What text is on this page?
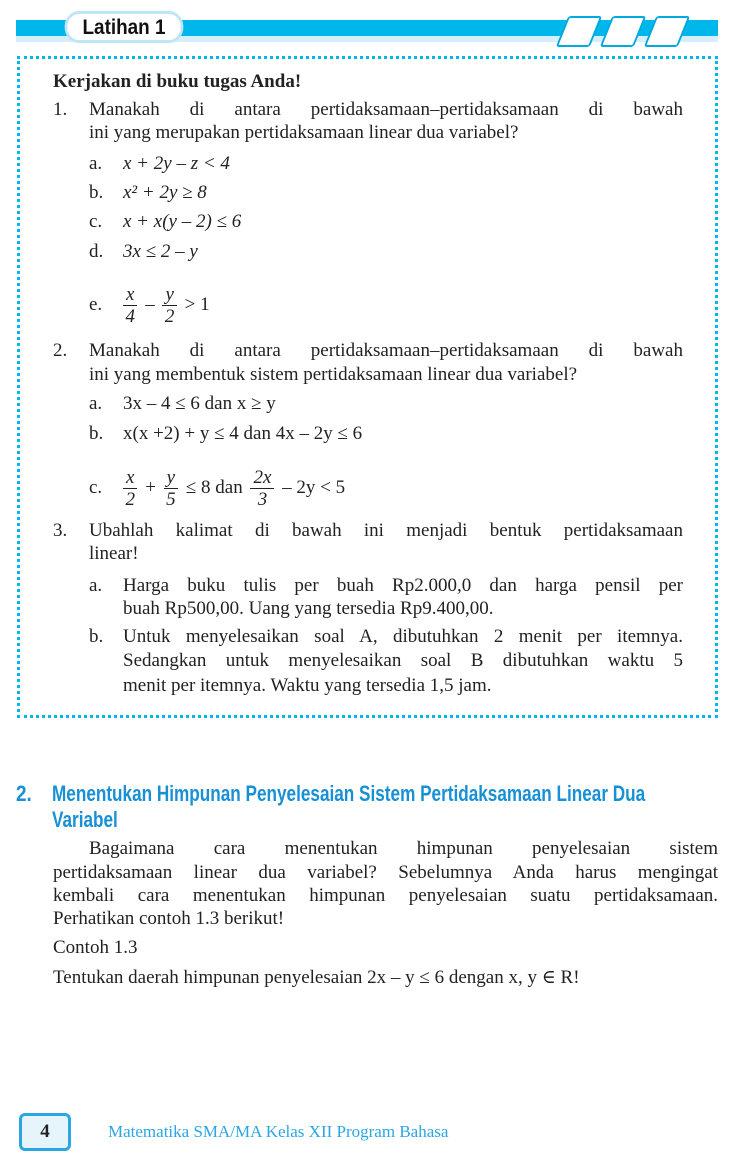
Latihan 1
Kerjakan di buku tugas Anda!
1. Manakah di antara pertidaksamaan–pertidaksamaan di bawah
ini yang merupakan pertidaksamaan linear dua variabel?
a. x + 2y – z < 4
b. x² + 2y ≥ 8
c. x + x(y – 2) ≤ 6
d. 3x ≤ 2 – y
e. $\frac{x}{4} - \frac{y}{2} > 1$
2. Manakah di antara pertidaksamaan–pertidaksamaan di bawah
ini yang membentuk sistem pertidaksamaan linear dua variabel?
a. 3x – 4 ≤ 6 dan x ≥ y
b. x(x +2) + y ≤ 4 dan 4x – 2y ≤ 6
c. $\frac{x}{2} + \frac{y}{5} \le 8$ dan $\frac{2x}{3} - 2y < 5$
3. Ubahlah kalimat di bawah ini menjadi bentuk pertidaksamaan
linear!
a. Harga buku tulis per buah Rp2.000,0 dan harga pensil per
buah Rp500,00. Uang yang tersedia Rp9.400,00.
b. Untuk menyelesaikan soal A, dibutuhkan 2 menit per itemnya.
Sedangkan untuk menyelesaikan soal B dibutuhkan waktu 5
menit per itemnya. Waktu yang tersedia 1,5 jam.
2. Menentukan Himpunan Penyelesaian Sistem Pertidaksamaan Linear Dua
Variabel
Bagaimana cara menentukan himpunan penyelesaian sistem
pertidaksamaan linear dua variabel? Sebelumnya Anda harus mengingat
kembali cara menentukan himpunan penyelesaian suatu pertidaksamaan.
Perhatikan contoh 1.3 berikut!
Contoh 1.3
Tentukan daerah himpunan penyelesaian 2x – y ≤ 6 dengan x, y ∈ R!
4	Matematika SMA/MA Kelas XII Program Bahasa
